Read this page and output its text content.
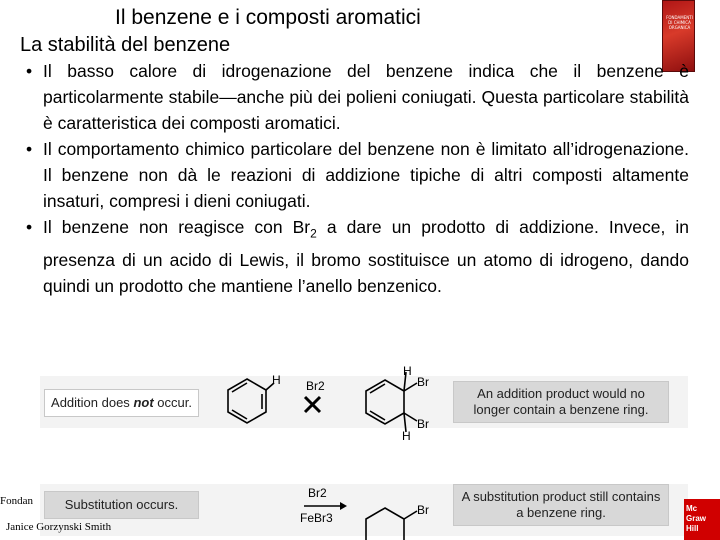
Il benzene e i composti aromatici
La stabilità del benzene
FONDAMENTI DI CHIMICA ORGANICA
• Il basso calore di idrogenazione del benzene indica che il benzene è particolarmente stabile—anche più dei polieni coniugati. Questa particolare stabilità è caratteristica dei composti aromatici.
• Il comportamento chimico particolare del benzene non è limitato all’idrogenazione. Il benzene non dà le reazioni di addizione tipiche di altri composti altamente insaturi, compresi i dieni coniugati.
• Il benzene non reagisce con $Br_2$ a dare un prodotto di addizione. Invece, in presenza di un acido di Lewis, il bromo sostituisce un atomo di idrogeno, dando quindi un prodotto che mantiene l’anello benzenico.
Addition does not occur.
H Br2
H
Br
Br
H
An addition product would no longer contain a benzene ring.
Substitution occurs.
Br2
FeBr3
Br
A substitution product still contains a benzene ring.
Fondan
Janice Gorzynski Smith
Mc
Graw
Hill
